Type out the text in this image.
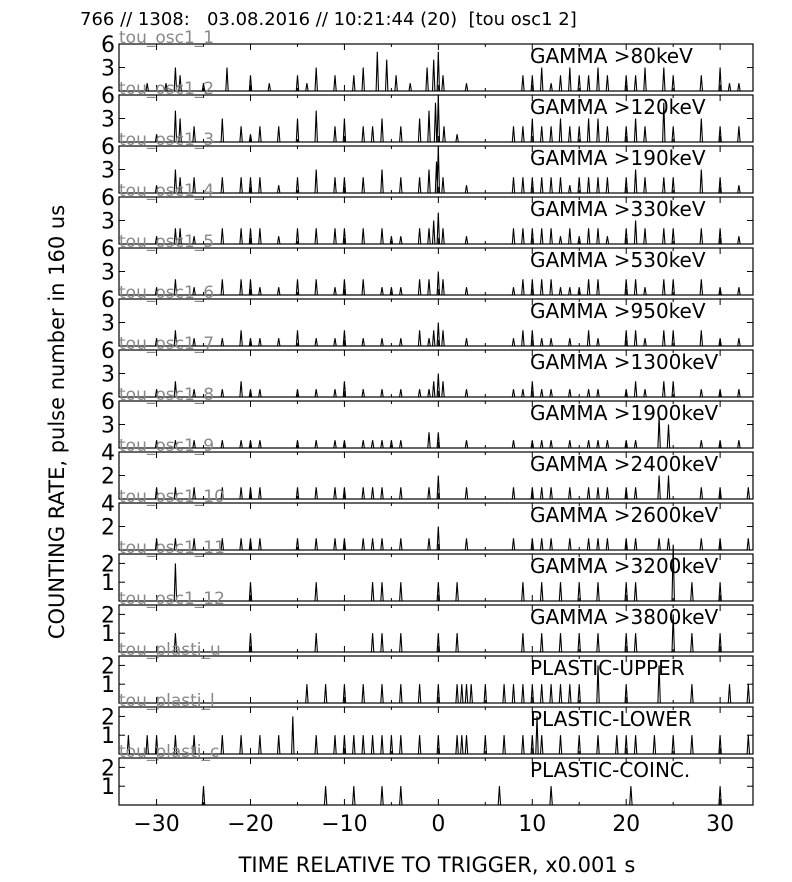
766 // 1308:   03.08.2016 // 10:21:44 (20)  [tou osc1 2]
COUNTING RATE, pulse number in 160 us
TIME RELATIVE TO TRIGGER, x0.001 s
3
6	GAMMA >80keV
tou_osc1_1
3
6	GAMMA >120keV
tou_osc1_2
3
6	GAMMA >190keV
tou_osc1_3
3
6	GAMMA >330keV
tou_osc1_4
3
6	GAMMA >530keV
tou_osc1_5
3
6	GAMMA >950keV
tou_osc1_6
3
6	GAMMA >1300keV
tou_osc1_7
3
6	GAMMA >1900keV
tou_osc1_8
2
4	GAMMA >2400keV
tou_osc1_9
2
4	GAMMA >2600keV
tou_osc1_10
1
2	GAMMA >3200keV
tou_osc1_11
1
2	GAMMA >3800keV
tou_osc1_12
1
2	PLASTIC-UPPER
tou_plasti_u
1
2	PLASTIC-LOWER
tou_plasti_l
1
2	PLASTIC-COINC.
tou_plasti_c
−30 −20 −10	0	10	20	30
